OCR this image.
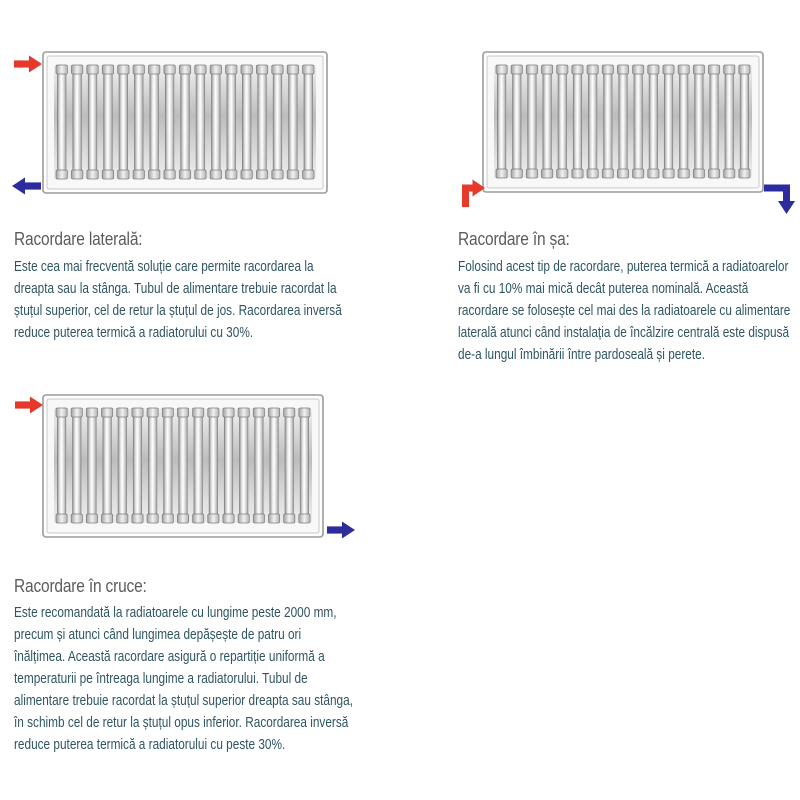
Racordare laterală:
Este cea mai frecventă soluție care permite racordarea la dreapta sau la stânga. Tubul de alimentare trebuie racordat la ștuțul superior, cel de retur la ștuțul de jos. Racordarea inversă reduce puterea termică a radiatorului cu 30%.
Racordare în șa:
Folosind acest tip de racordare, puterea termică a radiatoarelor va fi cu 10% mai mică decât puterea nominală. Această racordare se folosește cel mai des la radiatoarele cu alimentare laterală atunci când instalația de încălzire centrală este dispusă de-a lungul îmbinării între pardoseală și perete.
Racordare în cruce:
Este recomandată la radiatoarele cu lungime peste 2000 mm, precum și atunci când lungimea depășește de patru ori înălțimea. Această racordare asigură o repartiție uniformă a temperaturii pe întreaga lungime a radiatorului. Tubul de alimentare trebuie racordat la ștuțul superior dreapta sau stânga, în schimb cel de retur la ștuțul opus inferior. Racordarea inversă reduce puterea termică a radiatorului cu peste 30%.
